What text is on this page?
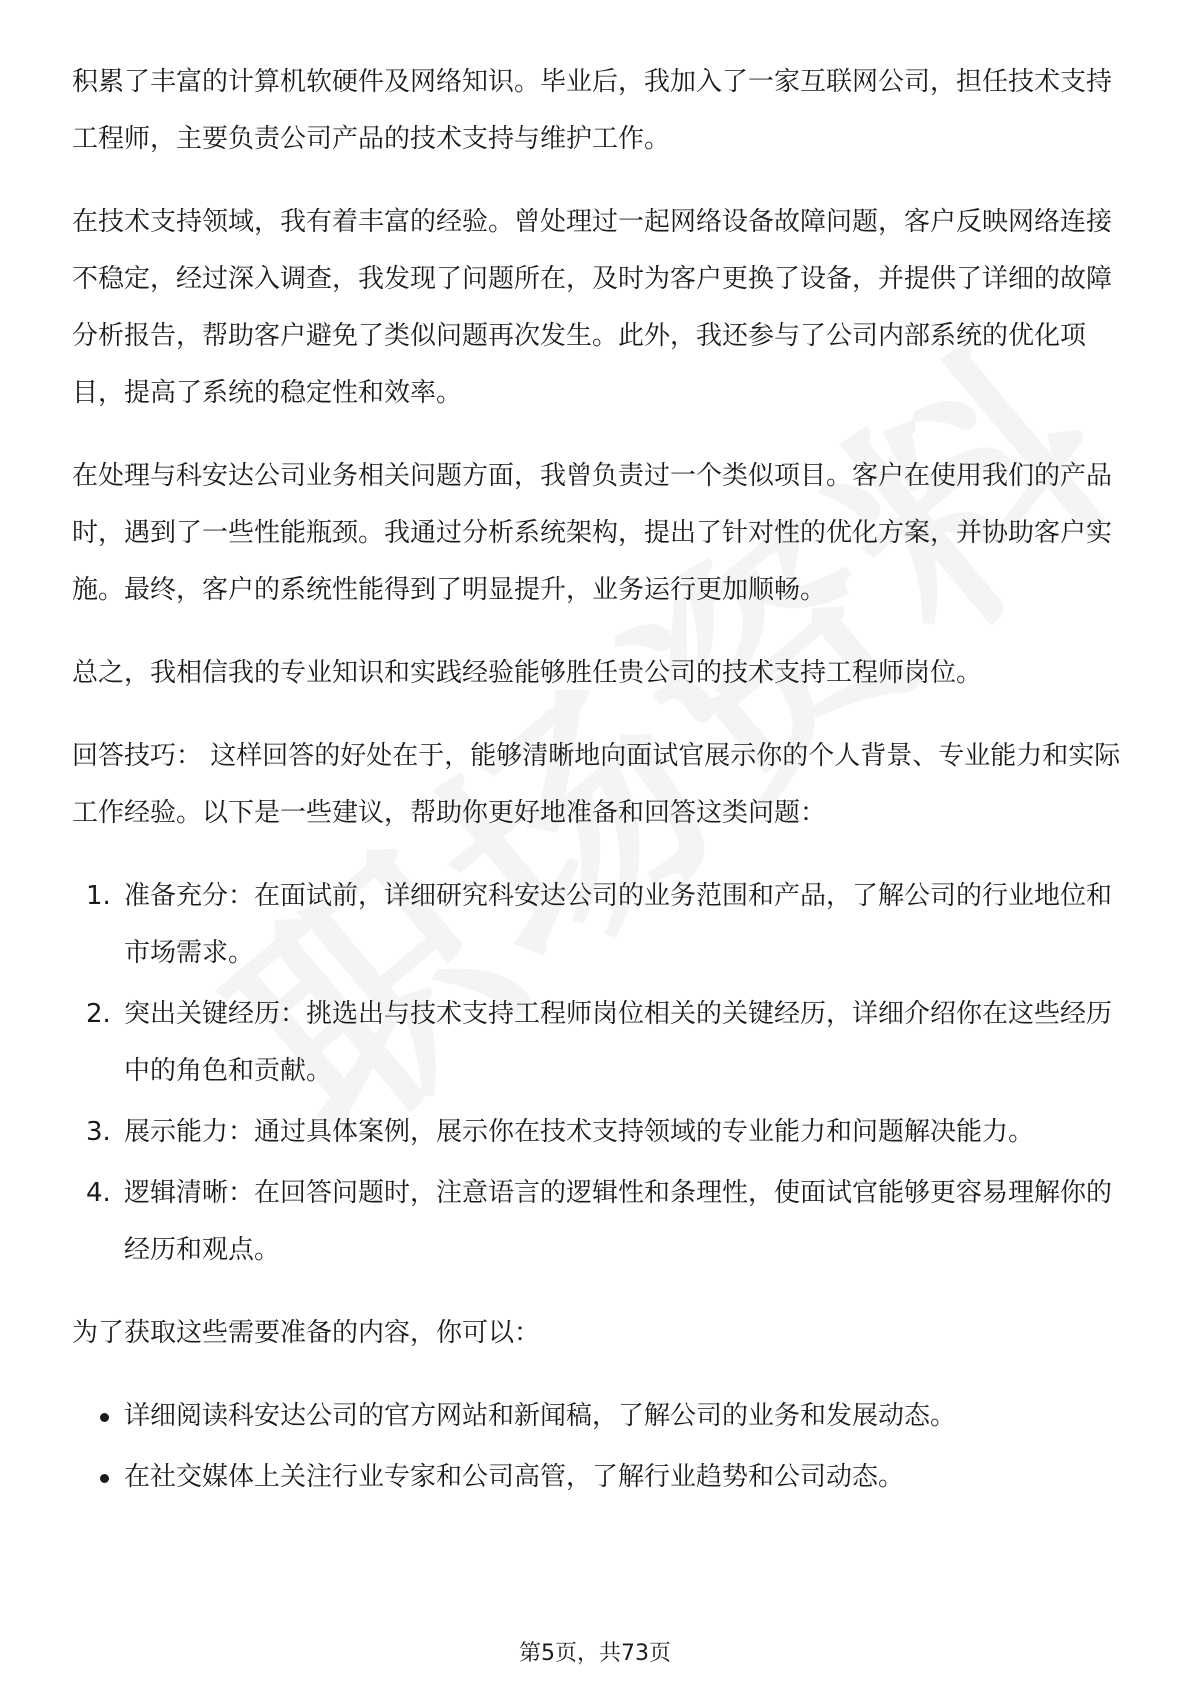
积累了丰富的计算机软硬件及网络知识。毕业后，我加入了一家互联网公司，担任技术支持工程师，主要负责公司产品的技术支持与维护工作。

在技术支持领域，我有着丰富的经验。曾处理过一起网络设备故障问题，客户反映网络连接不稳定，经过深入调查，我发现了问题所在，及时为客户更换了设备，并提供了详细的故障分析报告，帮助客户避免了类似问题再次发生。此外，我还参与了公司内部系统的优化项目，提高了系统的稳定性和效率。

在处理与科安达公司业务相关问题方面，我曾负责过一个类似项目。客户在使用我们的产品时，遇到了一些性能瓶颈。我通过分析系统架构，提出了针对性的优化方案，并协助客户实施。最终，客户的系统性能得到了明显提升，业务运行更加顺畅。

总之，我相信我的专业知识和实践经验能够胜任贵公司的技术支持工程师岗位。

回答技巧： 这样回答的好处在于，能够清晰地向面试官展示你的个人背景、专业能力和实际工作经验。以下是一些建议，帮助你更好地准备和回答这类问题：

1. 准备充分：在面试前，详细研究科安达公司的业务范围和产品，了解公司的行业地位和市场需求。
2. 突出关键经历：挑选出与技术支持工程师岗位相关的关键经历，详细介绍你在这些经历中的角色和贡献。
3. 展示能力：通过具体案例，展示你在技术支持领域的专业能力和问题解决能力。
4. 逻辑清晰：在回答问题时，注意语言的逻辑性和条理性，使面试官能够更容易理解你的经历和观点。

为了获取这些需要准备的内容，你可以：

详细阅读科安达公司的官方网站和新闻稿，了解公司的业务和发展动态。
在社交媒体上关注行业专家和公司高管，了解行业趋势和公司动态。
第5页，共73页
